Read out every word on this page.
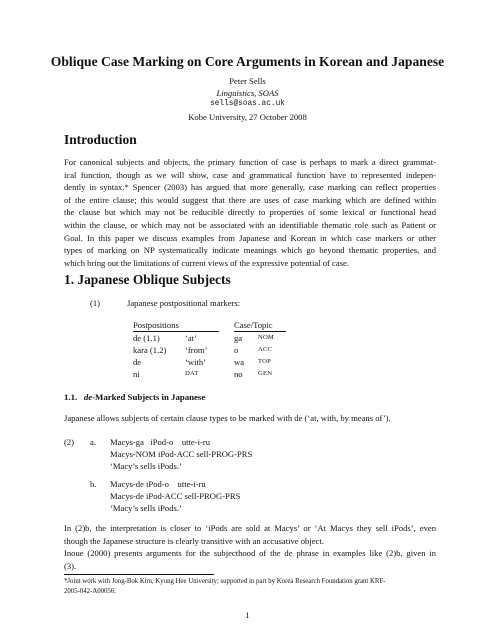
Oblique Case Marking on Core Arguments in Korean and Japanese
Peter Sells
Linguistics, SOAS
sells@soas.ac.uk
Kobe University, 27 October 2008
Introduction
For canonical subjects and objects, the primary function of case is perhaps to mark a direct grammat-
ical function, though as we will show, case and grammatical function have to represented indepen-
dently in syntax.* Spencer (2003) has argued that more generally, case marking can reflect properties
of the entire clause; this would suggest that there are uses of case marking which are defined within
the clause but which may not be reducible directly to properties of some lexical or functional head
within the clause, or which may not be associated with an identifiable thematic role such as Patient or
Goal. In this paper we discuss examples from Japanese and Korean in which case markers or other
types of marking on NP systematically indicate meanings which go beyond thematic properties, and
which bring out the limitations of current views of the expressive potential of case.
1. Japanese Oblique Subjects
(1)	Japanese postpositional markers:
Postpositions	Case/Topic
de (1.1)	‘at’	ga NOM
kara (1.2) ‘from’	o	ACC
de	‘with’	wa TOP
ni	DAT	no GEN
1.1. de-Marked Subjects in Japanese
Japanese allows subjects of certain clause types to be marked with de (‘at, with, by means of’).
(2) a. Macys-ga   iPod-o    utte-i-ru
Macys-NOM iPod-ACC sell-PROG-PRS
‘Macy’s sells iPods.’
b. Macys-de iPod-o    utte-i-ru
Macys-de iPod-ACC sell-PROG-PRS
‘Macy’s sells iPods.’
In (2)b, the interpretation is closer to ‘iPods are sold at Macys’ or ‘At Macys they sell iPods’, even
though the Japanese structure is clearly transitive with an accusative object.
Inoue (2000) presents arguments for the subjecthood of the de phrase in examples like (2)b, given in
(3).
*Joint work with Jong-Bok Kim, Kyung Hee University; supported in part by Korea Research Foundation grant KRF-
2005-042-A00056.
1
